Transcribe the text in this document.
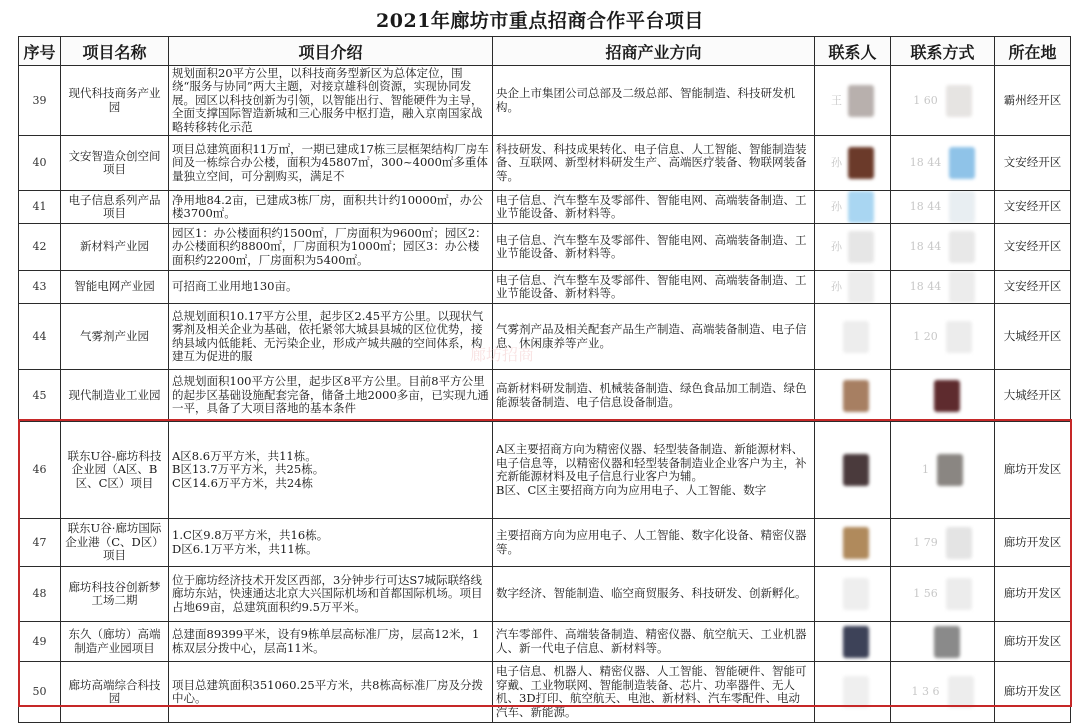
2021年廊坊市重点招商合作平台项目
序号	项目名称	项目介绍	招商产业方向	联系人	联系方式	所在地
39	现代科技商务产业园	规划面积20平方公里，以科技商务型新区为总体定位，围绕“服务与协同”两大主题，对接京雄科创资源，实现协同发展。园区以科技创新为引领，以智能出行、智能硬件为主导，全面支撑国际智造新城和三心服务中枢打造，融入京南国家战略转移转化示范	央企上市集团公司总部及二级总部、智能制造、科技研发机构。	王	1 60	霸州经开区
40	文安智造众创空间项目	项目总建筑面积11万㎡，一期已建成17栋三层框架结构厂房车间及一栋综合办公楼，面积为45807㎡，300~4000㎡多重体量独立空间，可分割购买，满足不	科技研发、科技成果转化、电子信息、人工智能、智能制造装备、互联网、新型材料研发生产、高端医疗装备、物联网装备等。	孙	18 44	文安经开区
41	电子信息系列产品项目	净用地84.2亩，已建成3栋厂房，面积共计约10000㎡，办公楼3700㎡。	电子信息、汽车整车及零部件、智能电网、高端装备制造、工业节能设备、新材料等。	孙	18 44	文安经开区
42	新材料产业园	园区1：办公楼面积约1500㎡，厂房面积为9600㎡；园区2：办公楼面积约8800㎡，厂房面积为1000㎡；园区3：办公楼面积约2200㎡，厂房面积为5400㎡。	电子信息、汽车整车及零部件、智能电网、高端装备制造、工业节能设备、新材料等。	孙	18 44	文安经开区
43	智能电网产业园	可招商工业用地130亩。	电子信息、汽车整车及零部件、智能电网、高端装备制造、工业节能设备、新材料等。	孙	18 44	文安经开区
44	气雾剂产业园	总规划面积10.17平方公里，起步区2.45平方公里。以现状气雾剂及相关企业为基础，依托紧邻大城县县城的区位优势，接纳县域内低能耗、无污染企业，形成产城共融的空间体系，构建互为促进的服	气雾剂产品及相关配套产品生产制造、高端装备制造、电子信息、休闲康养等产业。		1 20	大城经开区
45	现代制造业工业园	总规划面积100平方公里，起步区8平方公里。目前8平方公里的起步区基础设施配套完备，储备土地2000多亩，已实现九通一平，具备了大项目落地的基本条件	高新材料研发制造、机械装备制造、绿色食品加工制造、绿色能源装备制造、电子信息设备制造。			大城经开区
46	联东U谷-廊坊科技企业园（A区、B区、C区）项目	A区8.6万平方米，共11栋。
B区13.7万平方米，共25栋。
C区14.6万平方米，共24栋	A区主要招商方向为精密仪器、轻型装备制造、新能源材料、电子信息等，以精密仪器和轻型装备制造业企业客户为主，补充新能源材料及电子信息行业客户为辅。
B区、C区主要招商方向为应用电子、人工智能、数字		1	廊坊开发区
47	联东U谷·廊坊国际企业港（C、D区）项目	1.C区9.8万平方米，共16栋。
D区6.1万平方米，共11栋。	主要招商方向为应用电子、人工智能、数字化设备、精密仪器等。		1 79	廊坊开发区
48	廊坊科技谷创新梦工场二期	位于廊坊经济技术开发区西部，3分钟步行可达S7城际联络线廊坊东站，快速通达北京大兴国际机场和首都国际机场。项目占地69亩，总建筑面积约9.5万平米。	数字经济、智能制造、临空商贸服务、科技研发、创新孵化。		1 56	廊坊开发区
49	东久（廊坊）高端制造产业园项目	总建面89399平米，设有9栋单层高标准厂房，层高12米，1栋双层分拨中心，层高11米。	汽车零部件、高端装备制造、精密仪器、航空航天、工业机器人、新一代电子信息、新材料等。			廊坊开发区
50	廊坊高端综合科技园	项目总建筑面积351060.25平方米，共8栋高标准厂房及分拨中心。	电子信息、机器人、精密仪器、人工智能、智能硬件、智能可穿戴、工业物联网、智能制造装备、芯片、功率器件、无人机、3D打印、航空航天、电池、新材料、汽车零配件、电动汽车、新能源。		1 3 6	廊坊开发区
廊坊招商
